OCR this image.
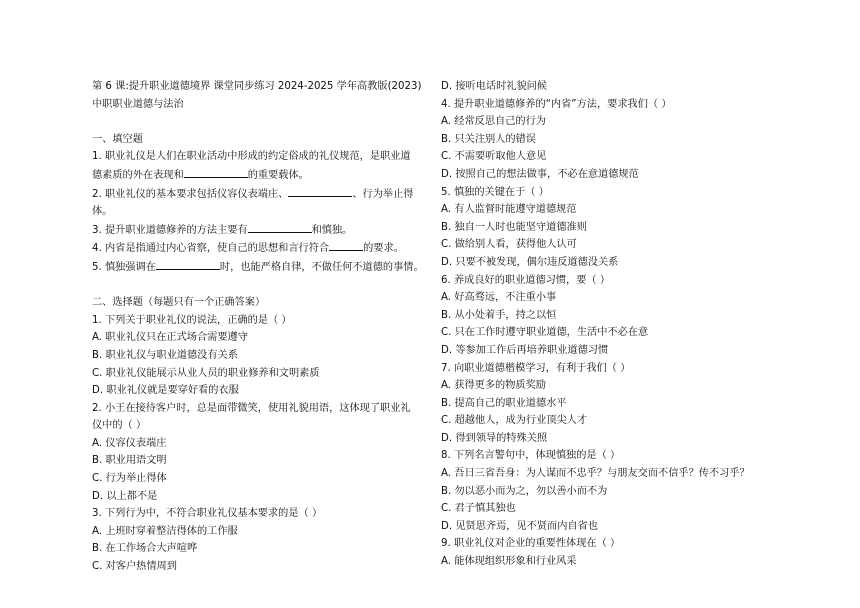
第 6 课:提升职业道德境界 课堂同步练习 2024-2025 学年高教版(2023)
中职职业道德与法治
一、填空题
1. 职业礼仪是人们在职业活动中形成的约定俗成的礼仪规范，是职业道
德素质的外在表现和	的重要载体。
2. 职业礼仪的基本要求包括仪容仪表端庄、	、行为举止得
体。
3. 提升职业道德修养的方法主要有	和慎独。
4. 内省是指通过内心省察，使自己的思想和言行符合	的要求。
5. 慎独强调在	时，也能严格自律，不做任何不道德的事情。
二、选择题（每题只有一个正确答案）
1. 下列关于职业礼仪的说法，正确的是（ ）
A. 职业礼仪只在正式场合需要遵守
B. 职业礼仪与职业道德没有关系
C. 职业礼仪能展示从业人员的职业修养和文明素质
D. 职业礼仪就是要穿好看的衣服
2. 小王在接待客户时，总是面带微笑，使用礼貌用语，这体现了职业礼
仪中的（ ）
A. 仪容仪表端庄
B. 职业用语文明
C. 行为举止得体
D. 以上都不是
3. 下列行为中，不符合职业礼仪基本要求的是（ ）
A. 上班时穿着整洁得体的工作服
B. 在工作场合大声喧哗
C. 对客户热情周到
D. 接听电话时礼貌问候
4. 提升职业道德修养的“内省”方法，要求我们（ ）
A. 经常反思自己的行为
B. 只关注别人的错误
C. 不需要听取他人意见
D. 按照自己的想法做事，不必在意道德规范
5. 慎独的关键在于（ ）
A. 有人监督时能遵守道德规范
B. 独自一人时也能坚守道德准则
C. 做给别人看，获得他人认可
D. 只要不被发现，偶尔违反道德没关系
6. 养成良好的职业道德习惯，要（ ）
A. 好高骛远，不注重小事
B. 从小处着手，持之以恒
C. 只在工作时遵守职业道德，生活中不必在意
D. 等参加工作后再培养职业道德习惯
7. 向职业道德楷模学习，有利于我们（ ）
A. 获得更多的物质奖励
B. 提高自己的职业道德水平
C. 超越他人，成为行业顶尖人才
D. 得到领导的特殊关照
8. 下列名言警句中，体现慎独的是（ ）
A. 吾日三省吾身：为人谋而不忠乎？与朋友交而不信乎？传不习乎？
B. 勿以恶小而为之，勿以善小而不为
C. 君子慎其独也
D. 见贤思齐焉，见不贤而内自省也
9. 职业礼仪对企业的重要性体现在（ ）
A. 能体现组织形象和行业风采
